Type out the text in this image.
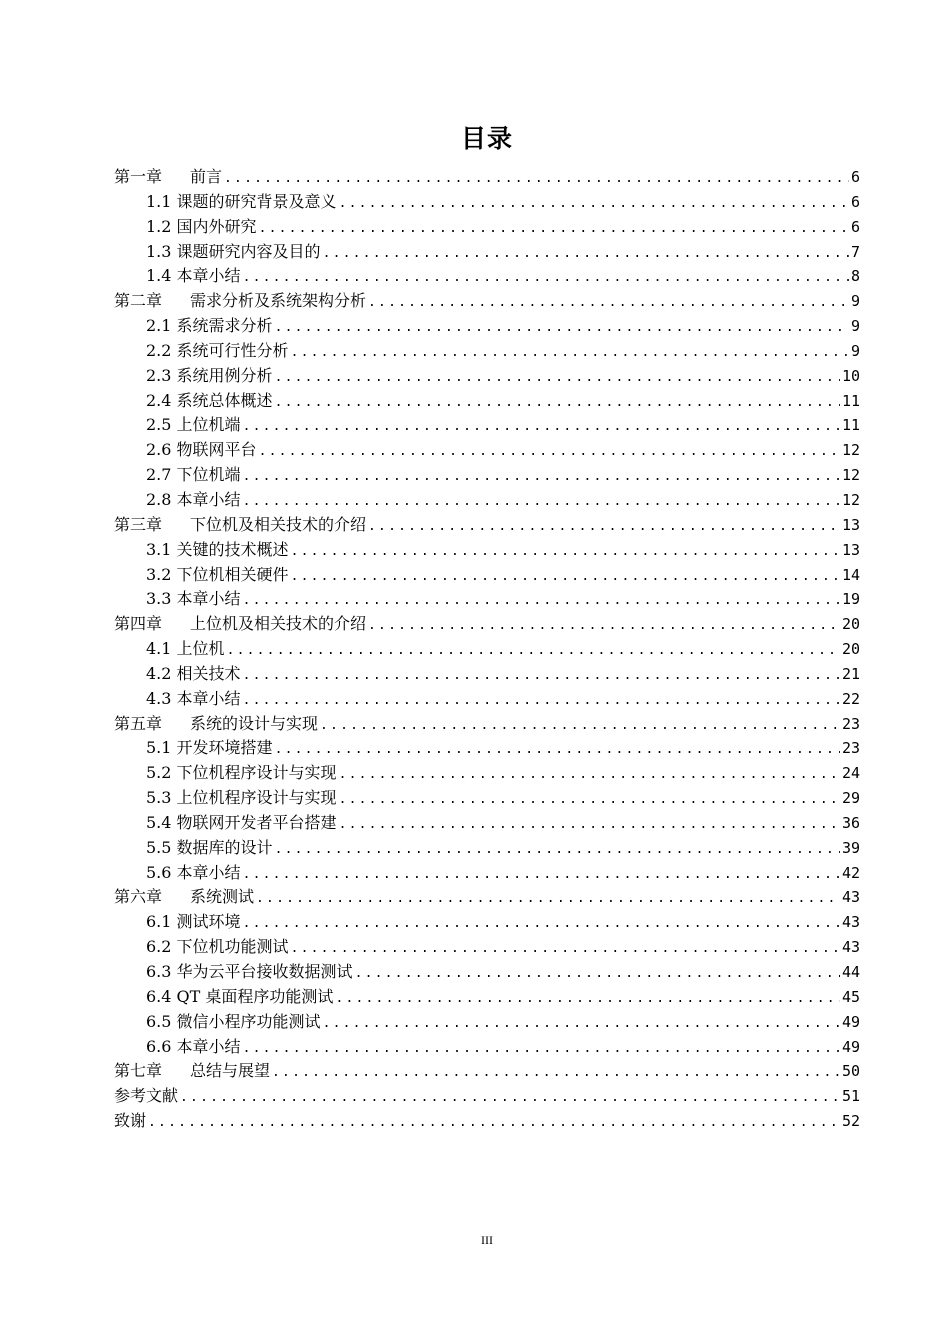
目录
第一章 前言 .....	6
1.1 课题的研究背景及意义 .....	6
1.2 国内外研究 .....	6
1.3 课题研究内容及目的 .....	7
1.4 本章小结 .....	8
第二章 需求分析及系统架构分析 .....	9
2.1 系统需求分析 .....	9
2.2 系统可行性分析 .....	9
2.3 系统用例分析 .....	10
2.4 系统总体概述 .....	11
2.5 上位机端 .....	11
2.6 物联网平台 .....	12
2.7 下位机端 .....	12
2.8 本章小结 .....	12
第三章 下位机及相关技术的介绍 .....	13
3.1 关键的技术概述 .....	13
3.2 下位机相关硬件 .....	14
3.3 本章小结 .....	19
第四章 上位机及相关技术的介绍 .....	20
4.1 上位机 .....	20
4.2 相关技术 .....	21
4.3 本章小结 .....	22
第五章 系统的设计与实现 .....	23
5.1 开发环境搭建 .....	23
5.2 下位机程序设计与实现 .....	24
5.3 上位机程序设计与实现 .....	29
5.4 物联网开发者平台搭建 .....	36
5.5 数据库的设计 .....	39
5.6 本章小结 .....	42
第六章 系统测试 .....	43
6.1 测试环境 .....	43
6.2 下位机功能测试 .....	43
6.3 华为云平台接收数据测试 .....	44
6.4 QT 桌面程序功能测试 .....	45
6.5 微信小程序功能测试 .....	49
6.6 本章小结 .....	49
第七章 总结与展望 .....	50
参考文献 .....	51
致谢 .....	52
III
